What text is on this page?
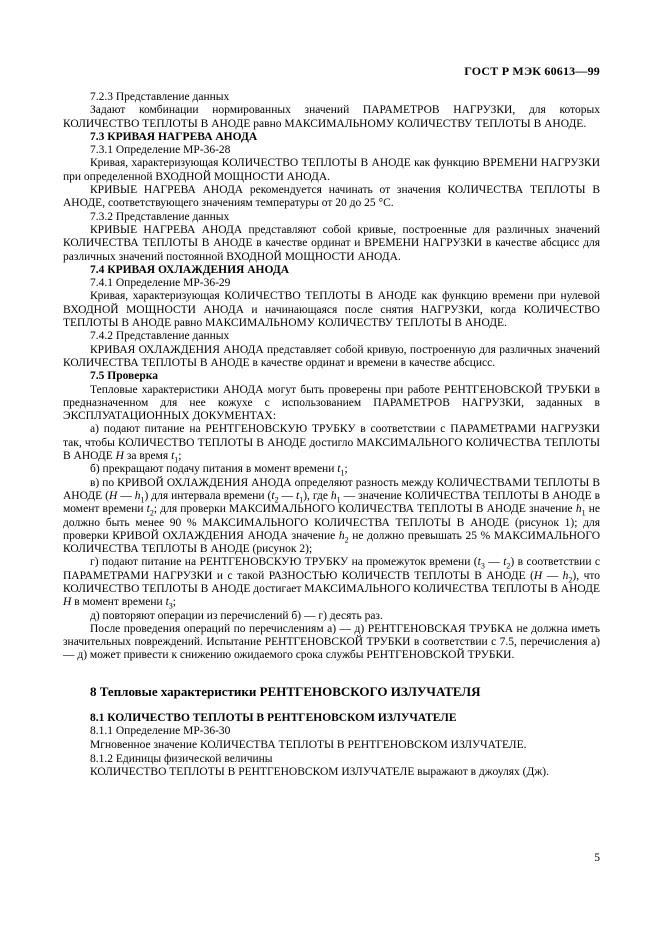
ГОСТ Р МЭК 60613—99

7.2.3 Представление данных

Задают комбинации нормированных значений ПАРАМЕТРОВ НАГРУЗКИ, для которых КОЛИЧЕСТВО ТЕПЛОТЫ В АНОДЕ равно МАКСИМАЛЬНОМУ КОЛИЧЕСТВУ ТЕПЛОТЫ В АНОДЕ.

7.3 КРИВАЯ НАГРЕВА АНОДА

7.3.1 Определение МР-36-28

Кривая, характеризующая КОЛИЧЕСТВО ТЕПЛОТЫ В АНОДЕ как функцию ВРЕМЕНИ НАГРУЗКИ при определенной ВХОДНОЙ МОЩНОСТИ АНОДА.

КРИВЫЕ НАГРЕВА АНОДА рекомендуется начинать от значения КОЛИЧЕСТВА ТЕПЛОТЫ В АНОДЕ, соответствующего значениям температуры от 20 до 25 °С.

7.3.2 Представление данных

КРИВЫЕ НАГРЕВА АНОДА представляют собой кривые, построенные для различных значений КОЛИЧЕСТВА ТЕПЛОТЫ В АНОДЕ в качестве ординат и ВРЕМЕНИ НАГРУЗКИ в качестве абсцисс для различных значений постоянной ВХОДНОЙ МОЩНОСТИ АНОДА.

7.4 КРИВАЯ ОХЛАЖДЕНИЯ АНОДА

7.4.1 Определение МР-36-29

Кривая, характеризующая КОЛИЧЕСТВО ТЕПЛОТЫ В АНОДЕ как функцию времени при нулевой ВХОДНОЙ МОЩНОСТИ АНОДА и начинающаяся после снятия НАГРУЗКИ, когда КОЛИЧЕСТВО ТЕПЛОТЫ В АНОДЕ равно МАКСИМАЛЬНОМУ КОЛИЧЕСТВУ ТЕПЛОТЫ В АНОДЕ.

7.4.2 Представление данных

КРИВАЯ ОХЛАЖДЕНИЯ АНОДА представляет собой кривую, построенную для различных значений КОЛИЧЕСТВА ТЕПЛОТЫ В АНОДЕ в качестве ординат и времени в качестве абсцисс.

7.5 Проверка

Тепловые характеристики АНОДА могут быть проверены при работе РЕНТГЕНОВСКОЙ ТРУБКИ в предназначенном для нее кожухе с использованием ПАРАМЕТРОВ НАГРУЗКИ, заданных в ЭКСПЛУАТАЦИОННЫХ ДОКУМЕНТАХ:

а) подают питание на РЕНТГЕНОВСКУЮ ТРУБКУ в соответствии с ПАРАМЕТРАМИ НАГРУЗКИ так, чтобы КОЛИЧЕСТВО ТЕПЛОТЫ В АНОДЕ достигло МАКСИМАЛЬНОГО КОЛИЧЕСТВА ТЕПЛОТЫ В АНОДЕ H за время $t_1$;

б) прекращают подачу питания в момент времени $t_1$;

в) по КРИВОЙ ОХЛАЖДЕНИЯ АНОДА определяют разность между КОЛИЧЕСТВАМИ ТЕПЛОТЫ В АНОДЕ (H — $h_1$) для интервала времени ($t_2$ — $t_1$), где $h_1$ — значение КОЛИЧЕСТВА ТЕПЛОТЫ В АНОДЕ в момент времени $t_2$; для проверки МАКСИМАЛЬНОГО КОЛИЧЕСТВА ТЕПЛОТЫ В АНОДЕ значение $h_1$ не должно быть менее 90 % МАКСИМАЛЬНОГО КОЛИЧЕСТВА ТЕПЛОТЫ В АНОДЕ (рисунок 1); для проверки КРИВОЙ ОХЛАЖДЕНИЯ АНОДА значение $h_2$ не должно превышать 25 % МАКСИМАЛЬНОГО КОЛИЧЕСТВА ТЕПЛОТЫ В АНОДЕ (рисунок 2);

г) подают питание на РЕНТГЕНОВСКУЮ ТРУБКУ на промежуток времени ($t_3$ — $t_2$) в соответствии с ПАРАМЕТРАМИ НАГРУЗКИ и с такой РАЗНОСТЬЮ КОЛИЧЕСТВ ТЕПЛОТЫ В АНОДЕ (H — $h_2$), что КОЛИЧЕСТВО ТЕПЛОТЫ В АНОДЕ достигает МАКСИМАЛЬНОГО КОЛИЧЕСТВА ТЕПЛОТЫ В АНОДЕ H в момент времени $t_3$;

д) повторяют операции из перечислений б) — г) десять раз.

После проведения операций по перечислениям а) — д) РЕНТГЕНОВСКАЯ ТРУБКА не должна иметь значительных повреждений. Испытание РЕНТГЕНОВСКОЙ ТРУБКИ в соответствии с 7.5, перечисления а) — д) может привести к снижению ожидаемого срока службы РЕНТГЕНОВСКОЙ ТРУБКИ.

8 Тепловые характеристики РЕНТГЕНОВСКОГО ИЗЛУЧАТЕЛЯ

8.1 КОЛИЧЕСТВО ТЕПЛОТЫ В РЕНТГЕНОВСКОМ ИЗЛУЧАТЕЛЕ

8.1.1 Определение МР-36-30

Мгновенное значение КОЛИЧЕСТВА ТЕПЛОТЫ В РЕНТГЕНОВСКОМ ИЗЛУЧАТЕЛЕ.

8.1.2 Единицы физической величины

КОЛИЧЕСТВО ТЕПЛОТЫ В РЕНТГЕНОВСКОМ ИЗЛУЧАТЕЛЕ выражают в джоулях (Дж).

5
